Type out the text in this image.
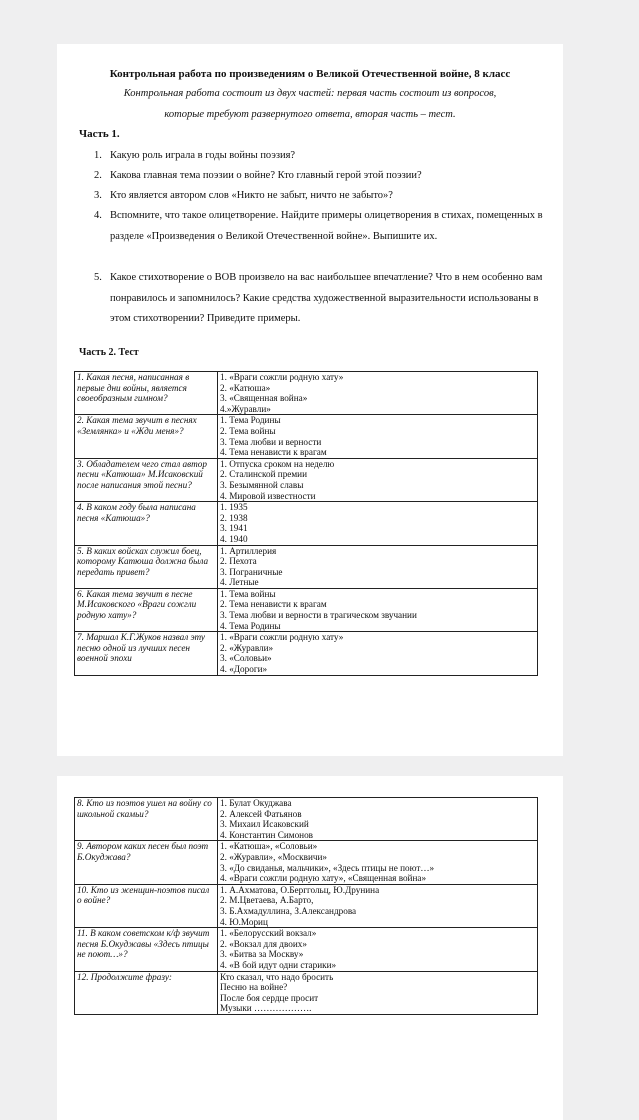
Контрольная работа по произведениям о Великой Отечественной войне, 8 класс
Контрольная работа состоит из двух частей: первая часть состоит из вопросов,
которые требуют развернутого ответа, вторая часть – тест.
Часть 1.
1. Какую роль играла в годы войны поэзия?
2. Какова главная тема поэзии о войне? Кто главный герой этой поэзии?
3. Кто является автором слов «Никто не забыт, ничто не забыто»?
4. Вспомните, что такое олицетворение. Найдите примеры олицетворения в стихах, помещенных в разделе «Произведения о Великой Отечественной войне». Выпишите их.
5. Какое стихотворение о ВОВ произвело на вас наибольшее впечатление? Что в нем особенно вам понравилось и запомнилось? Какие средства художественной выразительности использованы в этом стихотворении? Приведите примеры.
Часть 2. Тест
1. Какая песня, написанная в первые дни войны, является своеобразным гимном?	1. «Враги сожгли родную хату»
2. «Катюша»
3. «Священная война»
4.»Журавли»

2. Какая тема звучит в песнях «Землянка» и «Жди меня»?	1. Тема Родины
2. Тема войны
3. Тема любви и верности
4. Тема ненависти к врагам

3. Обладателем чего стал автор песни «Катюша» М.Исаковский после написания этой песни?	1. Отпуска сроком на неделю
2. Сталинской премии
3. Безымянной славы
4. Мировой известности

4. В каком году была написана песня «Катюша»?	1. 1935
2. 1938
3. 1941
4. 1940

5. В каких войсках служил боец, которому Катюша должна была передать привет?	1. Артиллерия
2. Пехота
3. Пограничные
4. Летные

6. Какая тема звучит в песне М.Исаковского «Враги сожгли родную хату»?	1. Тема войны
2. Тема ненависти к врагам
3. Тема любви и верности в трагическом звучании
4. Тема Родины

7. Маршал К.Г.Жуков назвал эту песню одной из лучших песен военной эпохи	1. «Враги сожгли родную хату»
2. «Журавли»
3. «Соловьи»
4. «Дороги»
8. Кто из поэтов ушел на войну со школьной скамьи?	1. Булат Окуджава
2. Алексей Фатьянов
3. Михаил Исаковский
4. Константин Симонов

9. Автором каких песен был поэт Б.Окуджава?	1. «Катюша», «Соловьи»
2. «Журавли», «Москвичи»
3. «До свиданья, мальчики», «Здесь птицы не поют…»
4. «Враги сожгли родную хату», «Священная война»

10. Кто из женщин-поэтов писал о войне?	1. А.Ахматова, О.Берггольц, Ю.Друнина
2. М.Цветаева, А.Барто,
3. Б.Ахмадуллина, З.Александрова
4. Ю.Мориц

11. В каком советском к/ф звучит песня Б.Окуджавы «Здесь птицы не поют…»?	1. «Белорусский вокзал»
2. «Вокзал для двоих»
3. «Битва за Москву»
4. «В бой идут одни старики»

12. Продолжите фразу:	Кто сказал, что надо бросить
Песню на войне?
После боя сердце просит
Музыки ……………….
